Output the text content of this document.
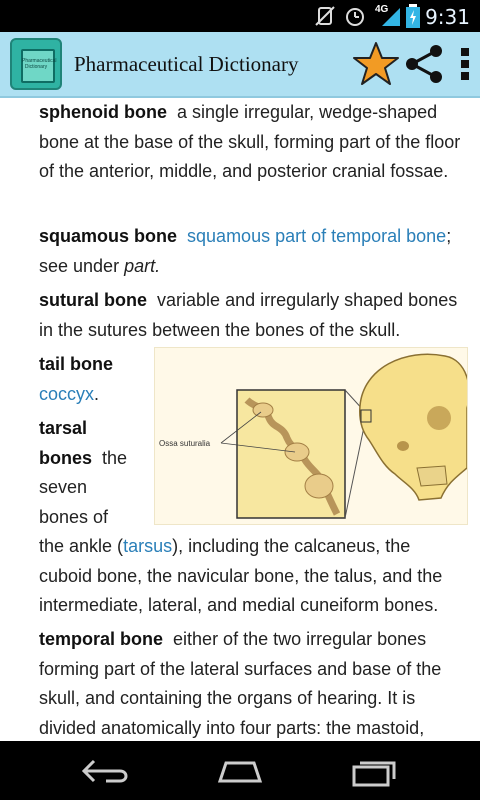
4G 9:31
Pharmaceutical Dictionary Pharmaceutical Dictionary
sphenoid bone a single irregular, wedge-shaped bone at the base of the skull, forming part of the floor of the anterior, middle, and posterior cranial fossae.
squamous bone squamous part of temporal bone; see under part.
sutural bone variable and irregularly shaped bones in the sutures between the bones of the skull.
tail bone
coccyx.
tarsal
bones the
seven
bones of
the ankle (tarsus), including the calcaneus, the
cuboid bone, the navicular bone, the talus, and the
intermediate, lateral, and medial cuneiform bones.
temporal bone either of the two irregular bones forming part of the lateral surfaces and base of the skull, and containing the organs of hearing. It is divided anatomically into four parts: the mastoid,
Ossa suturalia
